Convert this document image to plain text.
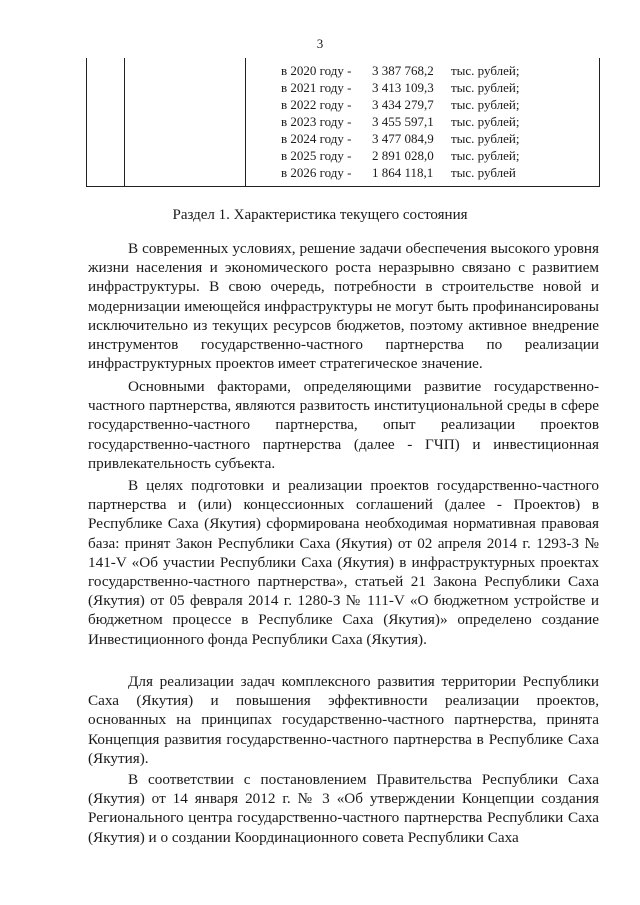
3
в 2020 году - 3 387 768,2 тыс. рублей;
в 2021 году - 3 413 109,3 тыс. рублей;
в 2022 году - 3 434 279,7 тыс. рублей;
в 2023 году - 3 455 597,1 тыс. рублей;
в 2024 году - 3 477 084,9 тыс. рублей;
в 2025 году - 2 891 028,0 тыс. рублей;
в 2026 году - 1 864 118,1 тыс. рублей
Раздел 1. Характеристика текущего состояния

В современных условиях, решение задачи обеспечения высокого уровня жизни населения и экономического роста неразрывно связано с развитием инфраструктуры. В свою очередь, потребности в строительстве новой и модернизации имеющейся инфраструктуры не могут быть профинансированы исключительно из текущих ресурсов бюджетов, поэтому активное внедрение инструментов государственно-частного партнерства по реализации инфраструктурных проектов имеет стратегическое значение.

Основными факторами, определяющими развитие государственно-частного партнерства, являются развитость институциональной среды в сфере государственно-частного партнерства, опыт реализации проектов государственно-частного партнерства (далее - ГЧП) и инвестиционная привлекательность субъекта.

В целях подготовки и реализации проектов государственно-частного партнерства и (или) концессионных соглашений (далее - Проектов) в Республике Саха (Якутия) сформирована необходимая нормативная правовая база: принят Закон Республики Саха (Якутия) от 02 апреля 2014 г. 1293-З № 141-V «Об участии Республики Саха (Якутия) в инфраструктурных проектах государственно-частного партнерства», статьей 21 Закона Республики Саха (Якутия) от 05 февраля 2014 г. 1280-З № 111-V «О бюджетном устройстве и бюджетном процессе в Республике Саха (Якутия)» определено создание Инвестиционного фонда Республики Саха (Якутия).

Для реализации задач комплексного развития территории Республики Саха (Якутия) и повышения эффективности реализации проектов, основанных на принципах государственно-частного партнерства, принята Концепция развития государственно-частного партнерства в Республике Саха (Якутия).

В соответствии с постановлением Правительства Республики Саха (Якутия) от 14 января 2012 г. № 3 «Об утверждении Концепции создания Регионального центра государственно-частного партнерства Республики Саха (Якутия) и о создании Координационного совета Республики Саха
